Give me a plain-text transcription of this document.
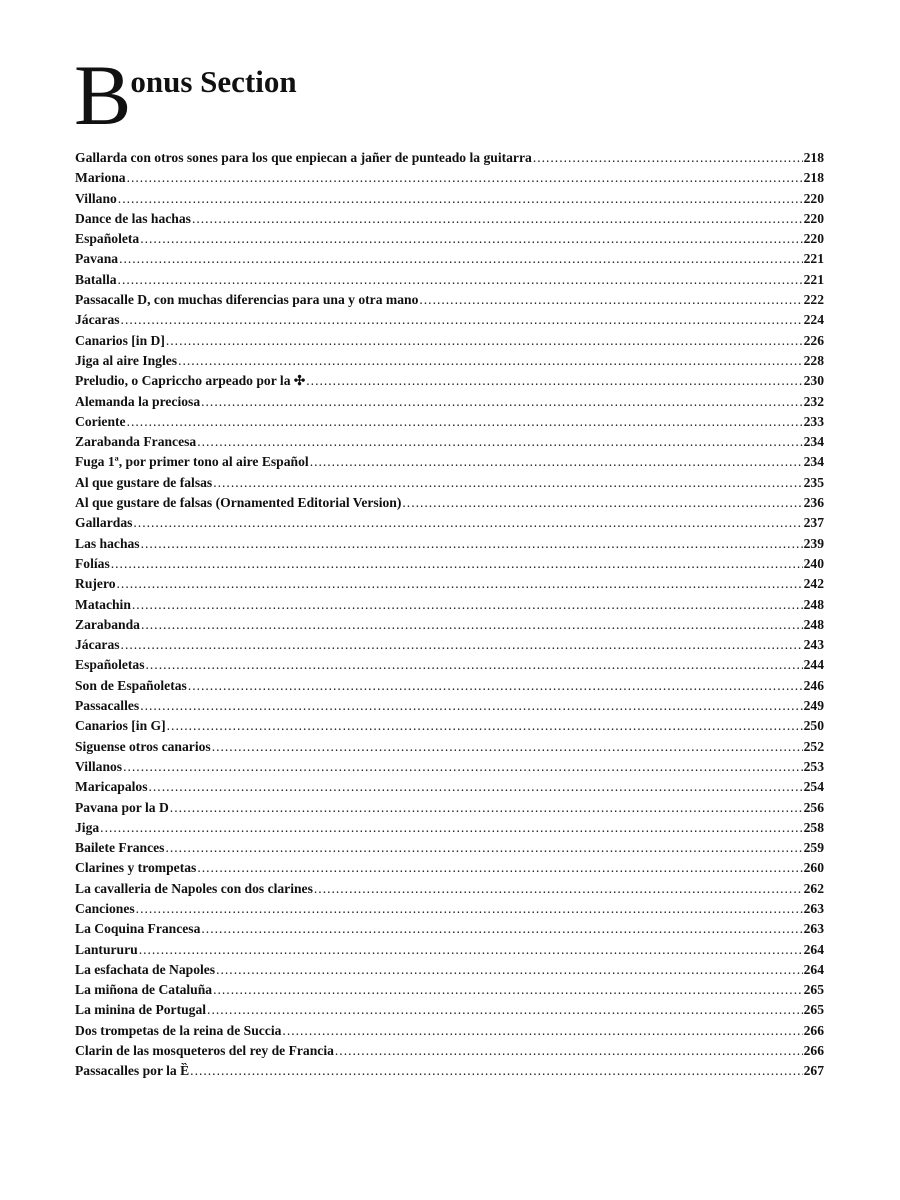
B onus Section
Gallarda con otros sones para los que enpiecan a jañer de punteado la guitarra .....	218
Mariona .....	218
Villano .....	220
Dance de las hachas .....	220
Españoleta .....	220
Pavana .....	221
Batalla .....	221
Passacalle D, con muchas diferencias para una y otra mano .....	222
Jácaras .....	224
Canarios [in D] .....	226
Jiga al aire Ingles .....	228
Preludio, o Capriccho arpeado por la ✣ .....	230
Alemanda la preciosa .....	232
Coriente .....	233
Zarabanda Francesa .....	234
Fuga 1ª, por primer tono al aire Español .....	234
Al que gustare de falsas .....	235
Al que gustare de falsas (Ornamented Editorial Version) .....	236
Gallardas .....	237
Las hachas .....	239
Folías .....	240
Rujero .....	242
Matachin .....	248
Zarabanda .....	248
Jácaras .....	243
Españoletas .....	244
Son de Españoletas .....	246
Passacalles .....	249
Canarios [in G] .....	250
Siguense otros canarios .....	252
Villanos .....	253
Maricapalos .....	254
Pavana por la D .....	256
Jiga .....	258
Bailete Frances .....	259
Clarines y trompetas .....	260
La cavalleria de Napoles con dos clarines .....	262
Canciones .....	263
La Coquina Francesa .....	263
Lantururu .....	264
La esfachata de Napoles .....	264
La miñona de Cataluña .....	265
La minina de Portugal .....	265
Dos trompetas de la reina de Succia .....	266
Clarin de las mosqueteros del rey de Francia .....	266
Passacalles por la Ȅ .....	267
